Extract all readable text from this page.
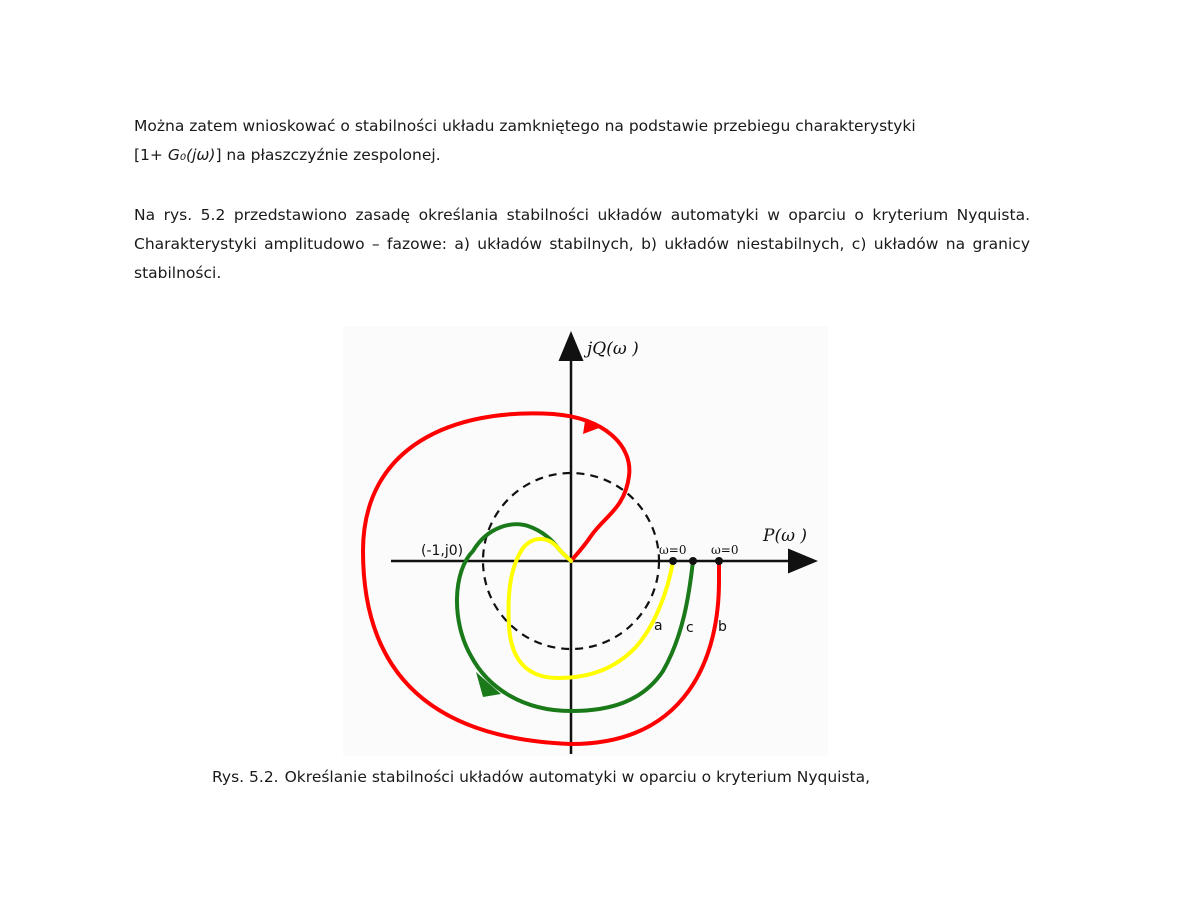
Można zatem wnioskować o stabilności układu zamkniętego na podstawie przebiegu charakterystyki
[1+ G₀(jω)] na płaszczyźnie zespolonej.

Na rys. 5.2 przedstawiono zasadę określania stabilności układów automatyki w oparciu o kryterium Nyquista. Charakterystyki amplitudowo – fazowe: a) układów stabilnych, b) układów niestabilnych, c) układów na granicy stabilności.

jQ(ω )
P(ω )
(-1,j0)	ω=0 ω=0
a c b

Rys. 5.2. Określanie stabilności układów automatyki w oparciu o kryterium Nyquista,
